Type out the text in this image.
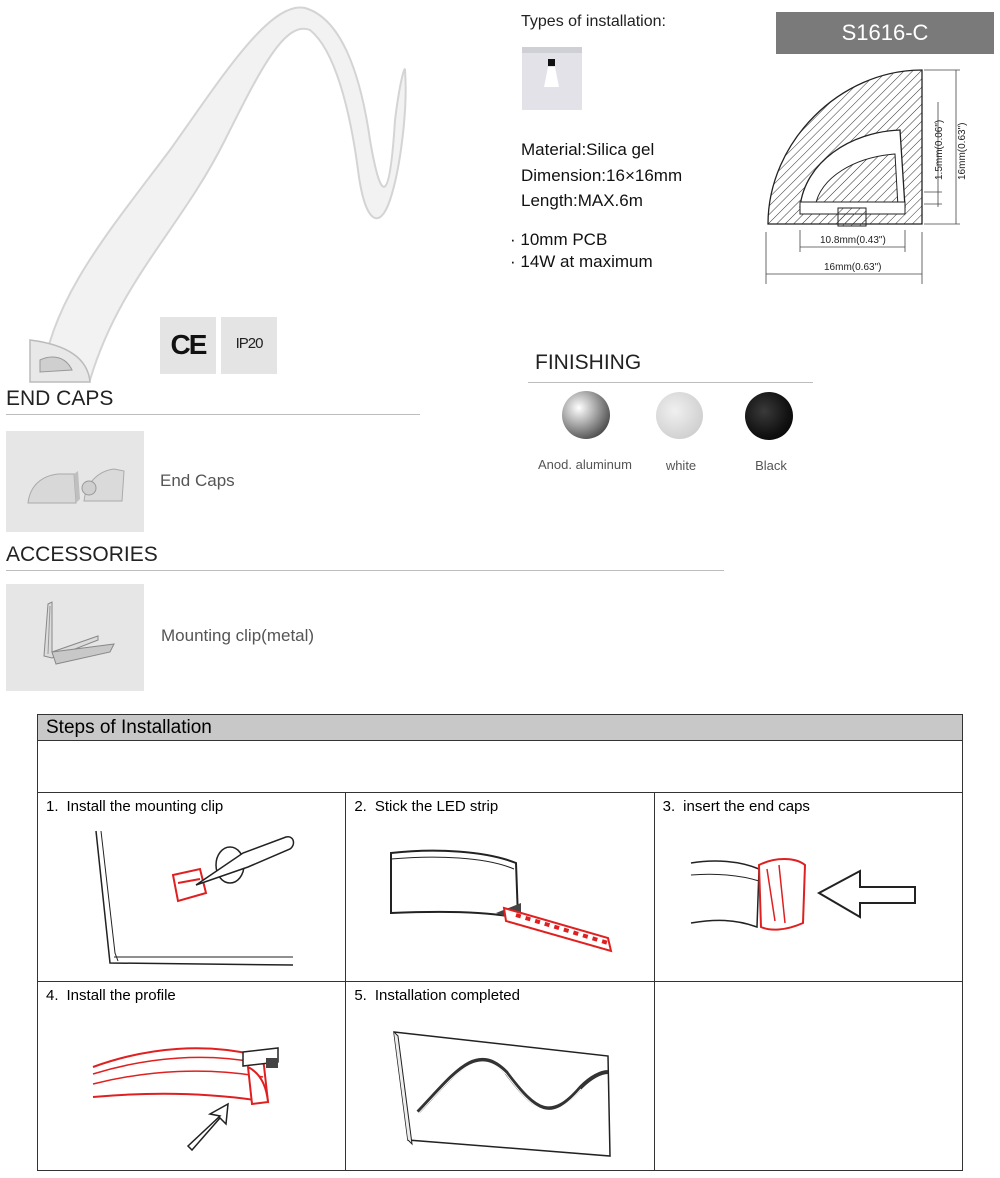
CE	IP20
Types of installation:
Material:Silica gel
Dimension:16×16mm
Length:MAX.6m
· 10mm PCB
· 14W at maximum
S1616-C
10.8mm(0.43")
16mm(0.63")
1.5mm(0.06") 16mm(0.63")
FINISHING
Anod. aluminum	white	Black
END CAPS
End Caps
ACCESSORIES
Mounting clip(metal)
Steps of Installation
1. Install the mounting clip	2. Stick the LED strip	3. insert the end caps

4. Install the profile	5. Installation completed	
